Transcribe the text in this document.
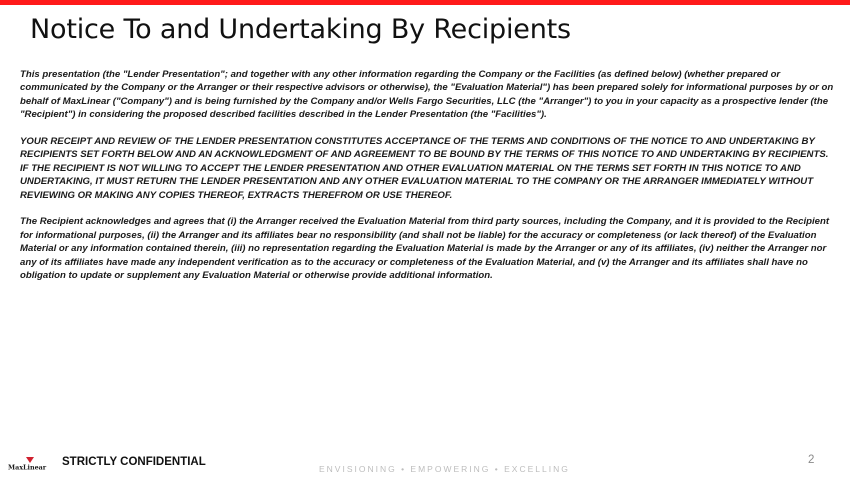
Notice To and Undertaking By Recipients

This presentation (the "Lender Presentation"; and together with any other information regarding the Company or the Facilities (as defined below) (whether prepared or communicated by the Company or the Arranger or their respective advisors or otherwise), the "Evaluation Material") has been prepared solely for informational purposes by or on behalf of MaxLinear ("Company") and is being furnished by the Company and/or Wells Fargo Securities, LLC (the "Arranger") to you in your capacity as a prospective lender (the "Recipient") in considering the proposed described facilities described in the Lender Presentation (the "Facilities").

YOUR RECEIPT AND REVIEW OF THE LENDER PRESENTATION CONSTITUTES ACCEPTANCE OF THE TERMS AND CONDITIONS OF THE NOTICE TO AND UNDERTAKING BY RECIPIENTS SET FORTH BELOW AND AN ACKNOWLEDGMENT OF AND AGREEMENT TO BE BOUND BY THE TERMS OF THIS NOTICE TO AND UNDERTAKING BY RECIPIENTS. IF THE RECIPIENT IS NOT WILLING TO ACCEPT THE LENDER PRESENTATION AND OTHER EVALUATION MATERIAL ON THE TERMS SET FORTH IN THIS NOTICE TO AND UNDERTAKING, IT MUST RETURN THE LENDER PRESENTATION AND ANY OTHER EVALUATION MATERIAL TO THE COMPANY OR THE ARRANGER IMMEDIATELY WITHOUT REVIEWING OR MAKING ANY COPIES THEREOF, EXTRACTS THEREFROM OR USE THEREOF.

The Recipient acknowledges and agrees that (i) the Arranger received the Evaluation Material from third party sources, including the Company, and it is provided to the Recipient for informational purposes, (ii) the Arranger and its affiliates bear no responsibility (and shall not be liable) for the accuracy or completeness (or lack thereof) of the Evaluation Material or any information contained therein, (iii) no representation regarding the Evaluation Material is made by the Arranger or any of its affiliates, (iv) neither the Arranger nor any of its affiliates have made any independent verification as to the accuracy or completeness of the Evaluation Material, and (v) the Arranger and its affiliates shall have no obligation to update or supplement any Evaluation Material or otherwise provide additional information.

MaxLinear STRICTLY CONFIDENTIAL
ENVISIONING • EMPOWERING • EXCELLING
2
